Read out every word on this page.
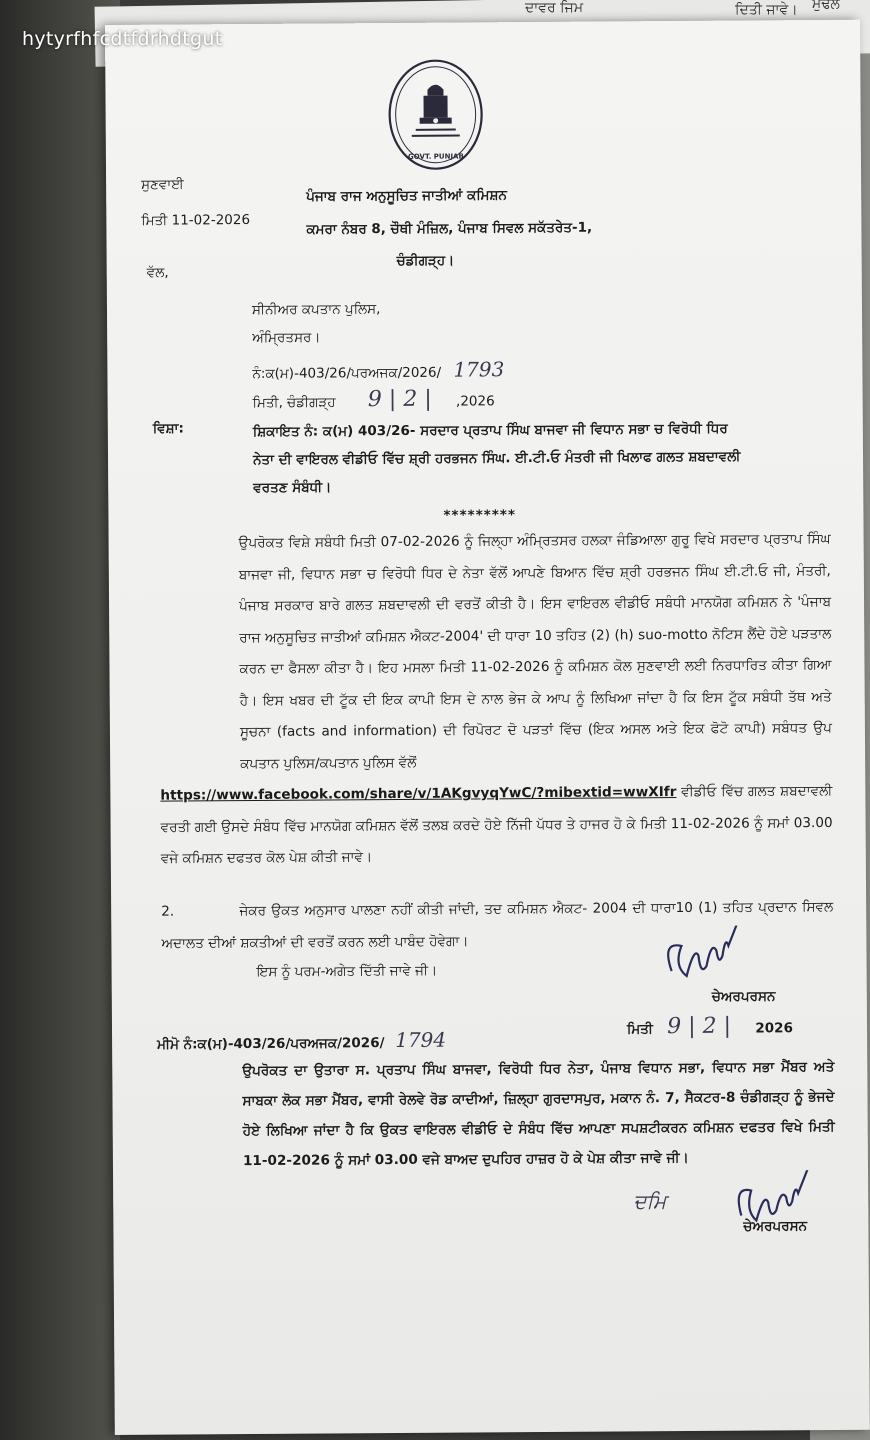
ਦਾਵਰ ਜਿਮ	ਦਿਤੀ ਜਾਵੇ। ਮੁਢਲ
GOVT. PUNJAB
ਸੁਣਵਾਈ
ਮਿਤੀ 11-02-2026
ਪੰਜਾਬ ਰਾਜ ਅਨੁਸੂਚਿਤ ਜਾਤੀਆਂ ਕਮਿਸ਼ਨ
ਕਮਰਾ ਨੰਬਰ 8, ਚੌਥੀ ਮੰਜ਼ਿਲ, ਪੰਜਾਬ ਸਿਵਲ ਸਕੱਤਰੇਤ-1,
ਚੰਡੀਗੜ੍ਹ।
ਵੱਲ,
ਸੀਨੀਅਰ ਕਪਤਾਨ ਪੁਲਿਸ,
ਅੰਮ੍ਰਿਤਸਰ।
ਨੰ:ਕ(ਮ)-403/26/ਪਰਅਜਕ/2026/ 1793
ਮਿਤੀ, ਚੰਡੀਗੜ੍ਹ 9 | 2 | ,2026
ਵਿਸ਼ਾ:	ਸ਼ਿਕਾਇਤ ਨੰ: ਕ(ਮ) 403/26- ਸਰਦਾਰ ਪ੍ਰਤਾਪ ਸਿੰਘ ਬਾਜਵਾ ਜੀ ਵਿਧਾਨ ਸਭਾ ਚ ਵਿਰੋਧੀ ਧਿਰ
ਨੇਤਾ ਦੀ ਵਾਇਰਲ ਵੀਡੀਓ ਵਿੱਚ ਸ਼੍ਰੀ ਹਰਭਜਨ ਸਿੰਘ. ਈ.ਟੀ.ਓ ਮੰਤਰੀ ਜੀ ਖਿਲਾਫ ਗਲਤ ਸ਼ਬਦਾਵਲੀ
ਵਰਤਣ ਸੰਬੰਧੀ।
*********
ਉਪਰੋਕਤ ਵਿਸ਼ੇ ਸਬੰਧੀ ਮਿਤੀ 07-02-2026 ਨੂੰ ਜਿਲ੍ਹਾ ਅੰਮ੍ਰਿਤਸਰ ਹਲਕਾ ਜੰਡਿਆਲਾ ਗੁਰੂ ਵਿਖੇ ਸਰਦਾਰ ਪ੍ਰਤਾਪ ਸਿੰਘ ਬਾਜਵਾ ਜੀ, ਵਿਧਾਨ ਸਭਾ ਚ ਵਿਰੋਧੀ ਧਿਰ ਦੇ ਨੇਤਾ ਵੱਲੋਂ ਆਪਣੇ ਬਿਆਨ ਵਿੱਚ ਸ਼੍ਰੀ ਹਰਭਜਨ ਸਿੰਘ ਈ.ਟੀ.ਓ ਜੀ, ਮੰਤਰੀ, ਪੰਜਾਬ ਸਰਕਾਰ ਬਾਰੇ ਗਲਤ ਸ਼ਬਦਾਵਲੀ ਦੀ ਵਰਤੋਂ ਕੀਤੀ ਹੈ। ਇਸ ਵਾਇਰਲ ਵੀਡੀਓ ਸਬੰਧੀ ਮਾਨਯੋਗ ਕਮਿਸ਼ਨ ਨੇ 'ਪੰਜਾਬ ਰਾਜ ਅਨੁਸੂਚਿਤ ਜਾਤੀਆਂ ਕਮਿਸ਼ਨ ਐਕਟ-2004' ਦੀ ਧਾਰਾ 10 ਤਹਿਤ (2) (h) suo-motto ਨੋਟਿਸ ਲੈਂਦੇ ਹੋਏ ਪੜਤਾਲ ਕਰਨ ਦਾ ਫੈਸਲਾ ਕੀਤਾ ਹੈ। ਇਹ ਮਸਲਾ ਮਿਤੀ 11-02-2026 ਨੂੰ ਕਮਿਸ਼ਨ ਕੋਲ ਸੁਣਵਾਈ ਲਈ ਨਿਰਧਾਰਿਤ ਕੀਤਾ ਗਿਆ ਹੈ। ਇਸ ਖਬਰ ਦੀ ਟੂੱਕ ਦੀ ਇਕ ਕਾਪੀ ਇਸ ਦੇ ਨਾਲ ਭੇਜ ਕੇ ਆਪ ਨੂੰ ਲਿਖਿਆ ਜਾਂਦਾ ਹੈ ਕਿ ਇਸ ਟੂੱਕ ਸਬੰਧੀ ਤੱਥ ਅਤੇ ਸੂਚਨਾ (facts and information) ਦੀ ਰਿਪੋਰਟ ਦੋ ਪੜਤਾਂ ਵਿੱਚ (ਇਕ ਅਸਲ ਅਤੇ ਇਕ ਫੋਟੋ ਕਾਪੀ) ਸਬੰਧਤ ਉਪ ਕਪਤਾਨ ਪੁਲਿਸ/ਕਪਤਾਨ ਪੁਲਿਸ ਵੱਲੋਂ
https://www.facebook.com/share/v/1AKgvyqYwC/?mibextid=wwXIfr ਵੀਡੀਓ ਵਿੱਚ ਗਲਤ ਸ਼ਬਦਾਵਲੀ ਵਰਤੀ ਗਈ ਉਸਦੇ ਸੰਬੰਧ ਵਿੱਚ ਮਾਨਯੋਗ ਕਮਿਸ਼ਨ ਵੱਲੋਂ ਤਲਬ ਕਰਦੇ ਹੋਏ ਨਿੱਜੀ ਪੱਧਰ ਤੇ ਹਾਜਰ ਹੋ ਕੇ ਮਿਤੀ 11-02-2026 ਨੂੰ ਸਮਾਂ 03.00 ਵਜੇ ਕਮਿਸ਼ਨ ਦਫਤਰ ਕੋਲ ਪੇਸ਼ ਕੀਤੀ ਜਾਵੇ।
2.	ਜੇਕਰ ਉਕਤ ਅਨੁਸਾਰ ਪਾਲਣਾ ਨਹੀਂ ਕੀਤੀ ਜਾਂਦੀ, ਤਦ ਕਮਿਸ਼ਨ ਐਕਟ- 2004 ਦੀ ਧਾਰਾ10 (1) ਤਹਿਤ ਪ੍ਰਦਾਨ ਸਿਵਲ ਅਦਾਲਤ ਦੀਆਂ ਸ਼ਕਤੀਆਂ ਦੀ ਵਰਤੋਂ ਕਰਨ ਲਈ ਪਾਬੰਦ ਹੋਵੇਗਾ।
ਇਸ ਨੂੰ ਪਰਮ-ਅਗੇਤ ਦਿੱਤੀ ਜਾਵੇ ਜੀ।
ਚੇਅਰਪਰਸਨ
ਮੀਮੋ ਨੰ:ਕ(ਮ)-403/26/ਪਰਅਜਕ/2026/ 1794	ਮਿਤੀ 9 | 2 | 2026
ਉਪਰੋਕਤ ਦਾ ਉਤਾਰਾ ਸ. ਪ੍ਰਤਾਪ ਸਿੰਘ ਬਾਜਵਾ, ਵਿਰੋਧੀ ਧਿਰ ਨੇਤਾ, ਪੰਜਾਬ ਵਿਧਾਨ ਸਭਾ, ਵਿਧਾਨ ਸਭਾ ਮੈਂਬਰ ਅਤੇ ਸਾਬਕਾ ਲੋਕ ਸਭਾ ਮੈਂਬਰ, ਵਾਸੀ ਰੇਲਵੇ ਰੋਡ ਕਾਦੀਆਂ, ਜ਼ਿਲ੍ਹਾ ਗੁਰਦਾਸਪੁਰ, ਮਕਾਨ ਨੰ. 7, ਸੈਕਟਰ-8 ਚੰਡੀਗੜ੍ਹ ਨੂੰ ਭੇਜਦੇ ਹੋਏ ਲਿਖਿਆ ਜਾਂਦਾ ਹੈ ਕਿ ਉਕਤ ਵਾਇਰਲ ਵੀਡੀਓ ਦੇ ਸੰਬੰਧ ਵਿੱਚ ਆਪਣਾ ਸਪਸ਼ਟੀਕਰਨ ਕਮਿਸ਼ਨ ਦਫਤਰ ਵਿਖੇ ਮਿਤੀ 11-02-2026 ਨੂੰ ਸਮਾਂ 03.00 ਵਜੇ ਬਾਅਦ ਦੁਪਹਿਰ ਹਾਜ਼ਰ ਹੋ ਕੇ ਪੇਸ਼ ਕੀਤਾ ਜਾਵੇ ਜੀ।
ਦਮਿ
ਚੇਅਰਪਰਸਨ
hytyrfhfcdtfdrhdtgut
